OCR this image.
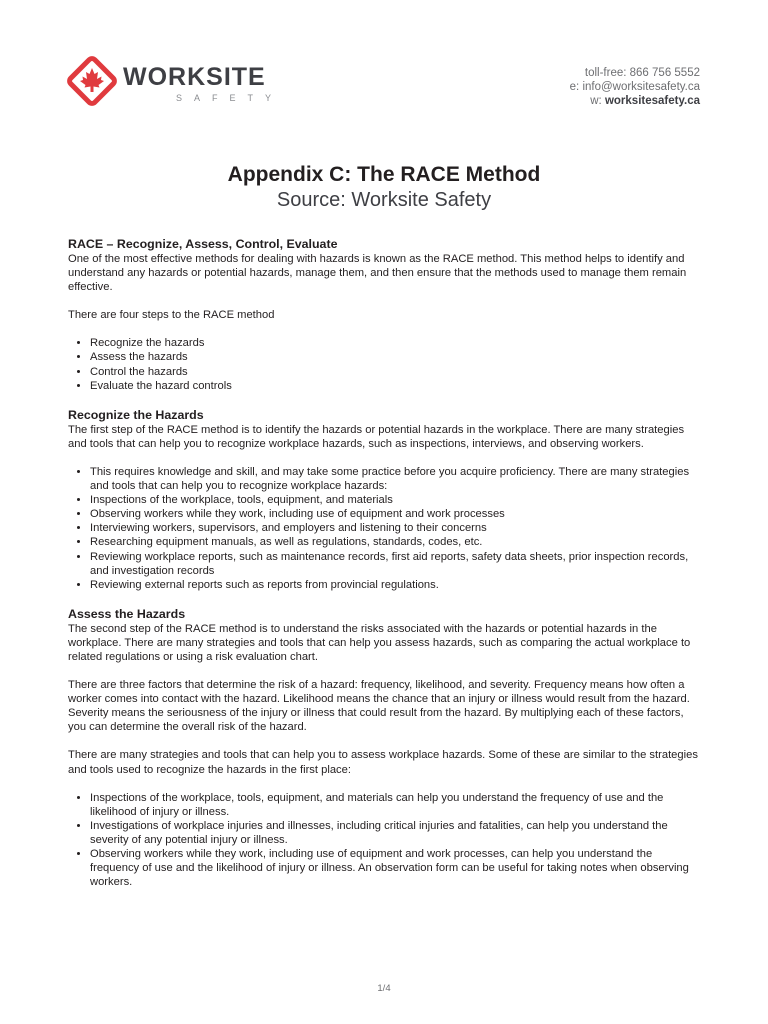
WORKSITE
SAFETY
toll-free: 866 756 5552
e: info@worksitesafety.ca
w: worksitesafety.ca
Appendix C: The RACE Method
Source: Worksite Safety
RACE – Recognize, Assess, Control, Evaluate

One of the most effective methods for dealing with hazards is known as the RACE method. This method helps to identify and understand any hazards or potential hazards, manage them, and then ensure that the methods used to manage them remain effective.

There are four steps to the RACE method

• Recognize the hazards
• Assess the hazards
• Control the hazards
• Evaluate the hazard controls
Recognize the Hazards

The first step of the RACE method is to identify the hazards or potential hazards in the workplace. There are many strategies and tools that can help you to recognize workplace hazards, such as inspections, interviews, and observing workers.

• This requires knowledge and skill, and may take some practice before you acquire proficiency. There are many strategies and tools that can help you to recognize workplace hazards:
• Inspections of the workplace, tools, equipment, and materials
• Observing workers while they work, including use of equipment and work processes
• Interviewing workers, supervisors, and employers and listening to their concerns
• Researching equipment manuals, as well as regulations, standards, codes, etc.
• Reviewing workplace reports, such as maintenance records, first aid reports, safety data sheets, prior inspection records, and investigation records
• Reviewing external reports such as reports from provincial regulations.
Assess the Hazards

The second step of the RACE method is to understand the risks associated with the hazards or potential hazards in the workplace. There are many strategies and tools that can help you assess hazards, such as comparing the actual workplace to related regulations or using a risk evaluation chart.

There are three factors that determine the risk of a hazard: frequency, likelihood, and severity. Frequency means how often a worker comes into contact with the hazard. Likelihood means the chance that an injury or illness would result from the hazard. Severity means the seriousness of the injury or illness that could result from the hazard. By multiplying each of these factors, you can determine the overall risk of the hazard.

There are many strategies and tools that can help you to assess workplace hazards. Some of these are similar to the strategies and tools used to recognize the hazards in the first place:

• Inspections of the workplace, tools, equipment, and materials can help you understand the frequency of use and the likelihood of injury or illness.
• Investigations of workplace injuries and illnesses, including critical injuries and fatalities, can help you understand the severity of any potential injury or illness.
• Observing workers while they work, including use of equipment and work processes, can help you understand the frequency of use and the likelihood of injury or illness. An observation form can be useful for taking notes when observing workers.
1/4
